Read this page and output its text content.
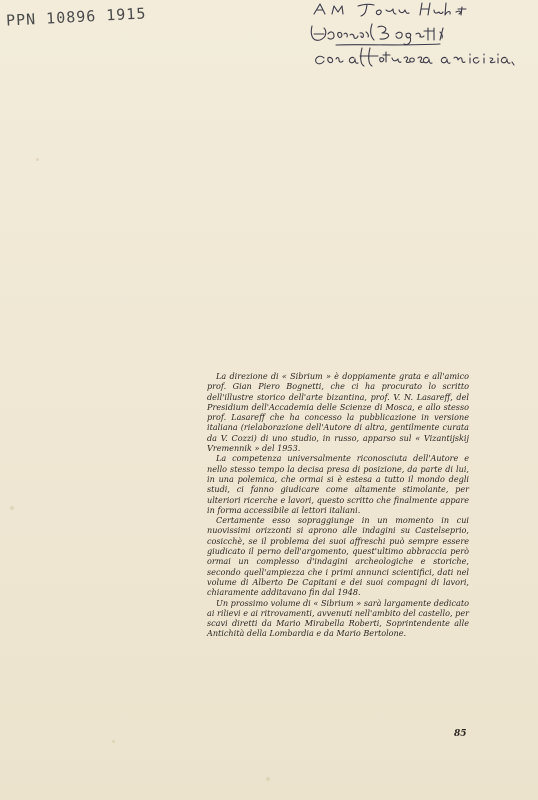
PPN 10896 1915

La direzione di « Sibrium » è doppiamente grata e all'amico prof. Gian Piero Bognetti, che ci ha procurato lo scritto dell'illustre storico dell'arte bizantina, prof. V. N. Lasareff, del Presidium dell'Accademia delle Scienze di Mosca, e allo stesso prof. Lasareff che ha concesso la pubblicazione in versione italiana (rielaborazione dell'Autore di altra, gentilmente curata da V. Cozzi) di uno studio, in russo, apparso sul « Vizantijskij Vremennik » del 1953.

La competenza universalmente riconosciuta dell'Autore e nello stesso tempo la decisa presa di posizione, da parte di lui, in una polemica, che ormai si è estesa a tutto il mondo degli studi, ci fanno giudicare come altamente stimolante, per ulteriori ricerche e lavori, questo scritto che finalmente appare in forma accessibile ai lettori italiani.

Certamente esso sopraggiunge in un momento in cui nuovissimi orizzonti si aprono alle indagini su Castelseprio, cosicchè, se il problema dei suoi affreschi può sempre essere giudicato il perno dell'argomento, quest'ultimo abbraccia però ormai un complesso d'indagini archeologiche e storiche, secondo quell'ampiezza che i primi annunci scientifici, dati nel volume di Alberto De Capitani e dei suoi compagni di lavori, chiaramente additavano fin dal 1948.

Un prossimo volume di « Sibrium » sarà largamente dedicato ai rilievi e ai ritrovamenti, avvenuti nell'ambito del castello, per scavi diretti da Mario Mirabella Roberti, Soprintendente alle Antichità della Lombardia e da Mario Bertolone.

85
